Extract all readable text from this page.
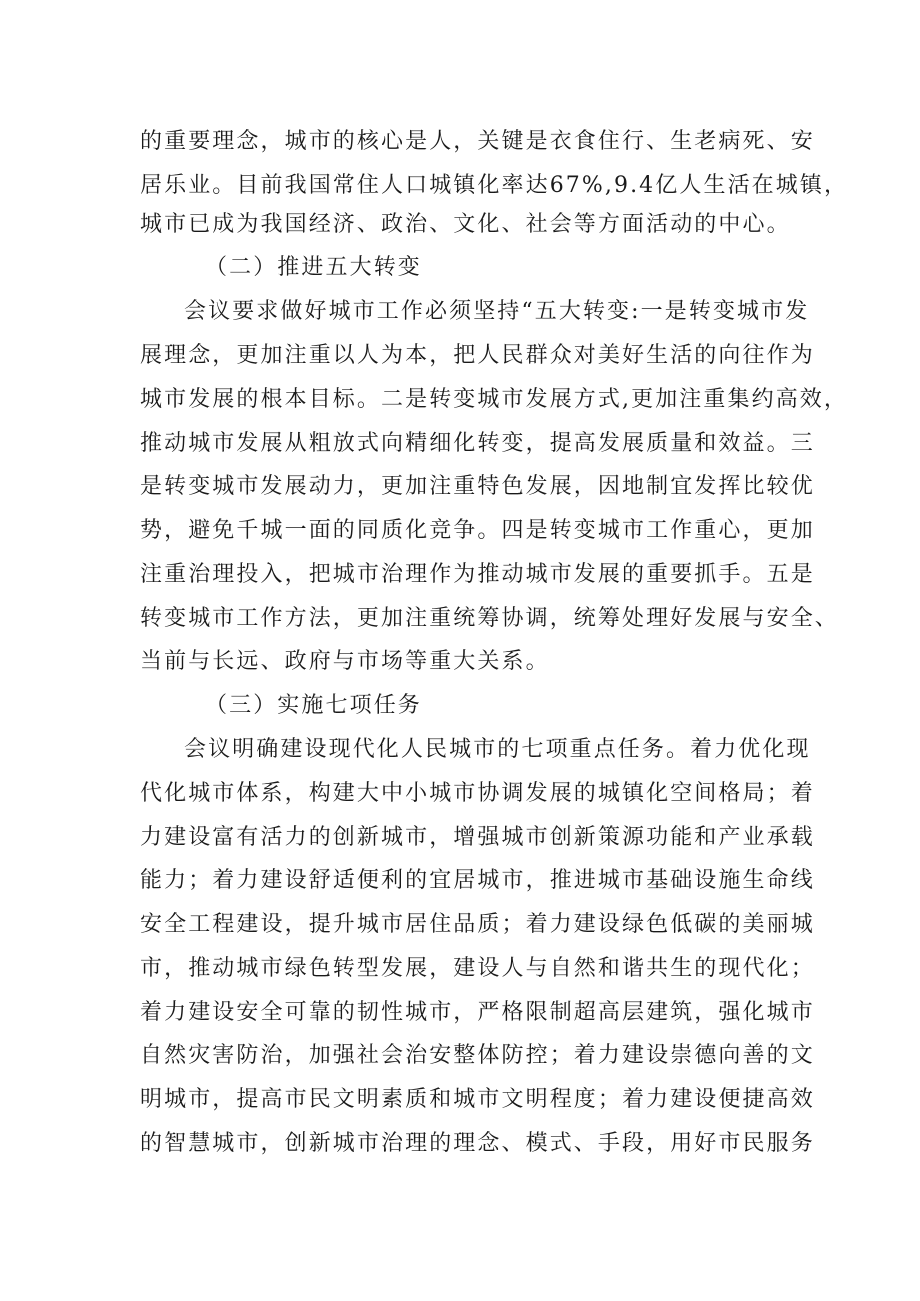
的重要理念，城市的核心是人，关键是衣食住行、生老病死、安
居乐业。目前我国常住人口城镇化率达67%,9.4亿人生活在城镇，
城市已成为我国经济、政治、文化、社会等方面活动的中心。
（二）推进五大转变
会议要求做好城市工作必须坚持“五大转变:一是转变城市发
展理念，更加注重以人为本，把人民群众对美好生活的向往作为
城市发展的根本目标。二是转变城市发展方式,更加注重集约高效，
推动城市发展从粗放式向精细化转变，提高发展质量和效益。三
是转变城市发展动力，更加注重特色发展，因地制宜发挥比较优
势，避免千城一面的同质化竞争。四是转变城市工作重心，更加
注重治理投入，把城市治理作为推动城市发展的重要抓手。五是
转变城市工作方法，更加注重统筹协调，统筹处理好发展与安全、
当前与长远、政府与市场等重大关系。
（三）实施七项任务
会议明确建设现代化人民城市的七项重点任务。着力优化现
代化城市体系，构建大中小城市协调发展的城镇化空间格局；着
力建设富有活力的创新城市，增强城市创新策源功能和产业承载
能力；着力建设舒适便利的宜居城市，推进城市基础设施生命线
安全工程建设，提升城市居住品质；着力建设绿色低碳的美丽城
市，推动城市绿色转型发展，建设人与自然和谐共生的现代化；
着力建设安全可靠的韧性城市，严格限制超高层建筑，强化城市
自然灾害防治，加强社会治安整体防控；着力建设崇德向善的文
明城市，提高市民文明素质和城市文明程度；着力建设便捷高效
的智慧城市，创新城市治理的理念、模式、手段，用好市民服务
